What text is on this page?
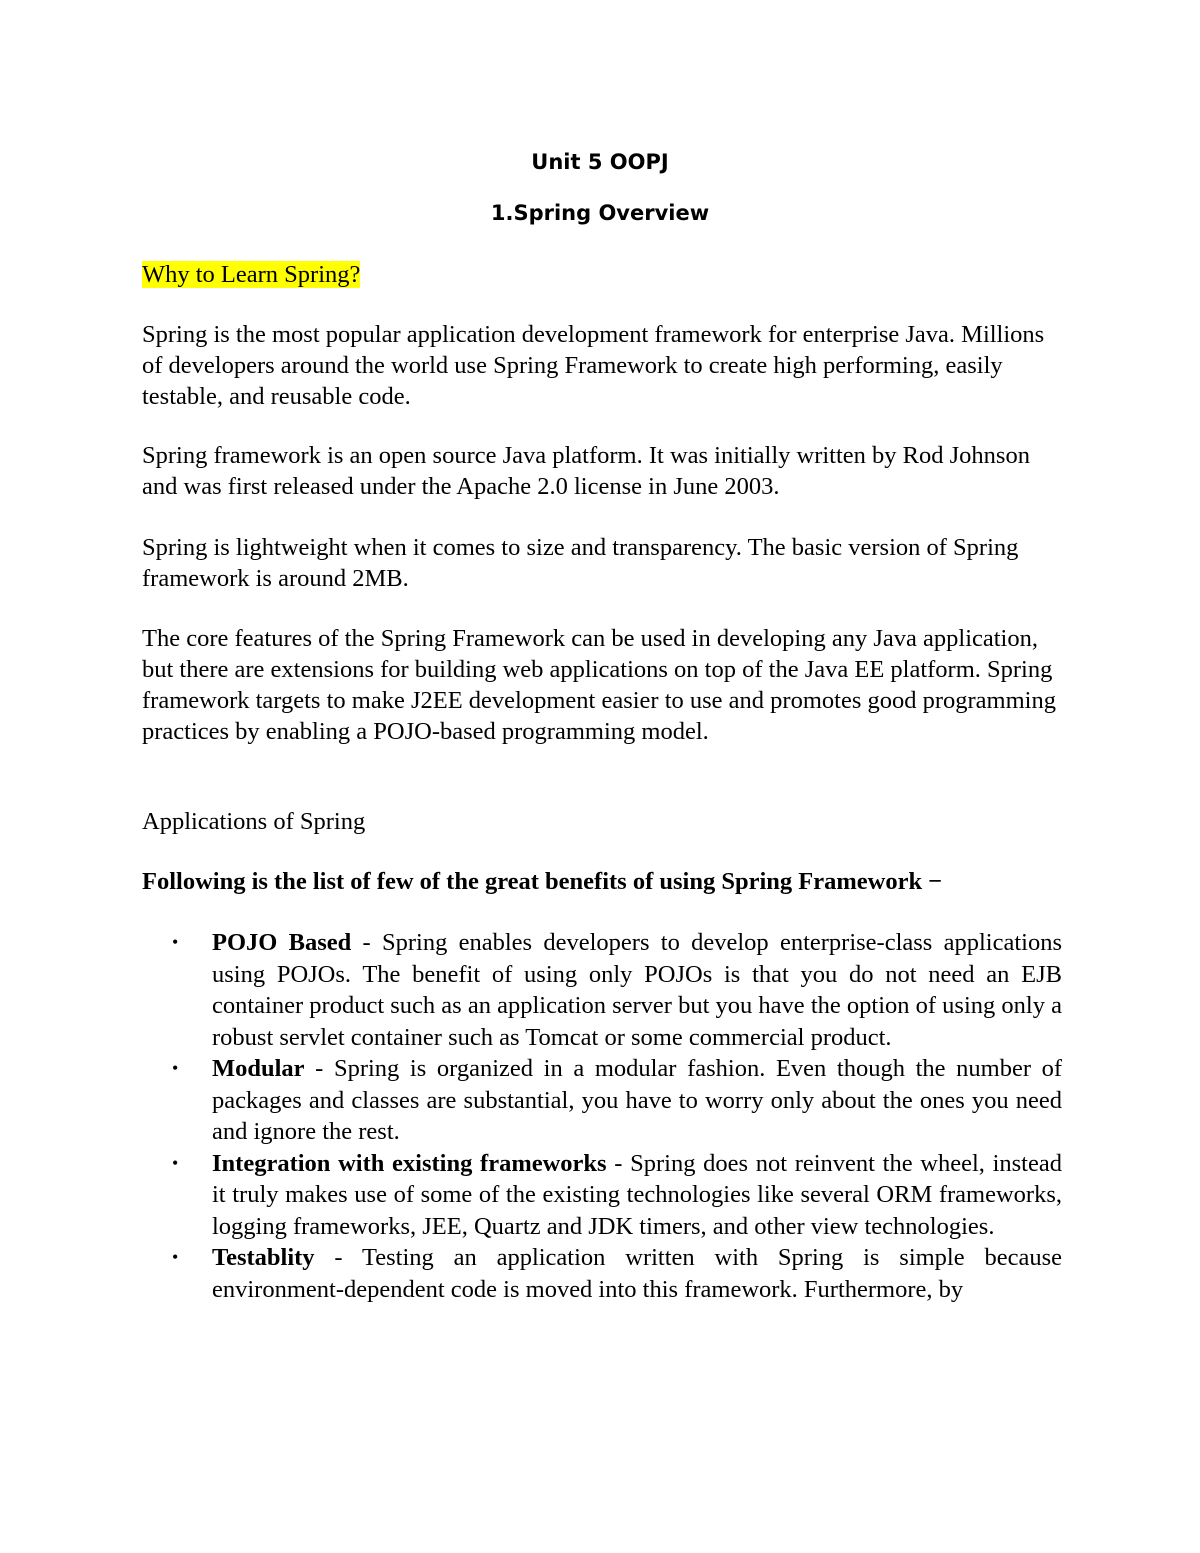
Unit 5 OOPJ
1.Spring Overview
Why to Learn Spring?
Spring is the most popular application development framework for enterprise Java. Millions of developers around the world use Spring Framework to create high performing, easily testable, and reusable code.
Spring framework is an open source Java platform. It was initially written by Rod Johnson and was first released under the Apache 2.0 license in June 2003.
Spring is lightweight when it comes to size and transparency. The basic version of Spring framework is around 2MB.
The core features of the Spring Framework can be used in developing any Java application, but there are extensions for building web applications on top of the Java EE platform. Spring framework targets to make J2EE development easier to use and promotes good programming practices by enabling a POJO-based programming model.
Applications of Spring
Following is the list of few of the great benefits of using Spring Framework −
• POJO Based - Spring enables developers to develop enterprise-class applications using POJOs. The benefit of using only POJOs is that you do not need an EJB container product such as an application server but you have the option of using only a robust servlet container such as Tomcat or some commercial product.
• Modular - Spring is organized in a modular fashion. Even though the number of packages and classes are substantial, you have to worry only about the ones you need and ignore the rest.
• Integration with existing frameworks - Spring does not reinvent the wheel, instead it truly makes use of some of the existing technologies like several ORM frameworks, logging frameworks, JEE, Quartz and JDK timers, and other view technologies.
• Testablity - Testing an application written with Spring is simple because environment-dependent code is moved into this framework. Furthermore, by
